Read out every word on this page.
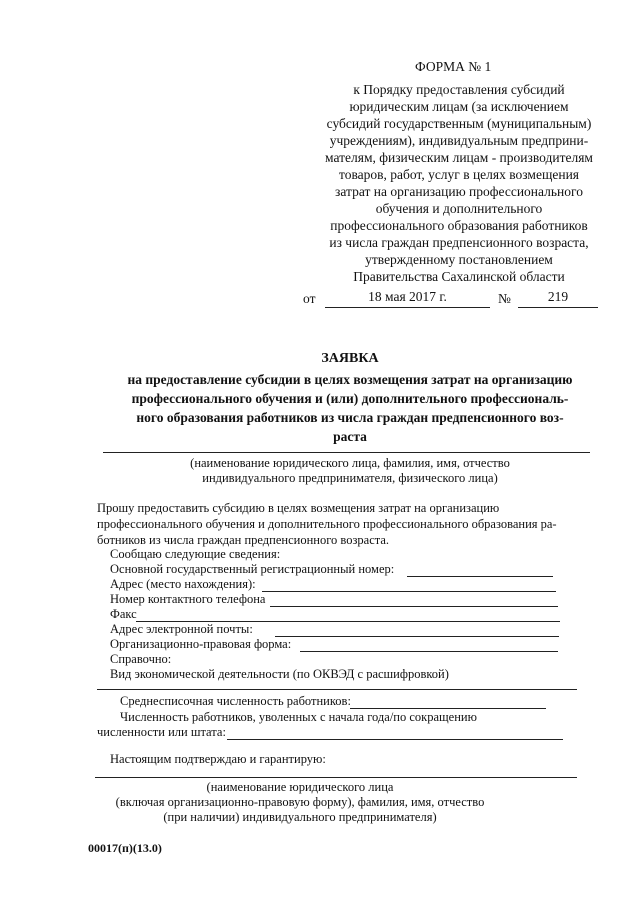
ФОРМА № 1
к Порядку предоставления субсидий
юридическим лицам (за исключением
субсидий государственным (муниципальным)
учреждениям), индивидуальным предприни-
мателям, физическим лицам - производителям
товаров, работ, услуг в целях возмещения
затрат на организацию профессионального
обучения и дополнительного
профессионального образования работников
из числа граждан предпенсионного возраста,
утвержденному постановлением
Правительства Сахалинской области
от	18 мая 2017 г.	№	219
ЗАЯВКА
на предоставление субсидии в целях возмещения затрат на организацию
профессионального обучения и (или) дополнительного профессиональ-
ного образования работников из числа граждан предпенсионного воз-
раста
(наименование юридического лица, фамилия, имя, отчество
индивидуального предпринимателя, физического лица)
Прошу предоставить субсидию в целях возмещения затрат на организацию
профессионального обучения и дополнительного профессионального образования ра-
ботников из числа граждан предпенсионного возраста.
Сообщаю следующие сведения:
Основной государственный регистрационный номер:
Адрес (место нахождения):
Номер контактного телефона
Факс
Адрес электронной почты:
Организационно-правовая форма:
Справочно:
Вид экономической деятельности (по ОКВЭД с расшифровкой)
Среднесписочная численность работников:
Численность работников, уволенных с начала года/по сокращению
численности или штата:
Настоящим подтверждаю и гарантирую:
(наименование юридического лица
(включая организационно-правовую форму), фамилия, имя, отчество
(при наличии) индивидуального предпринимателя)
00017(п)(13.0)
